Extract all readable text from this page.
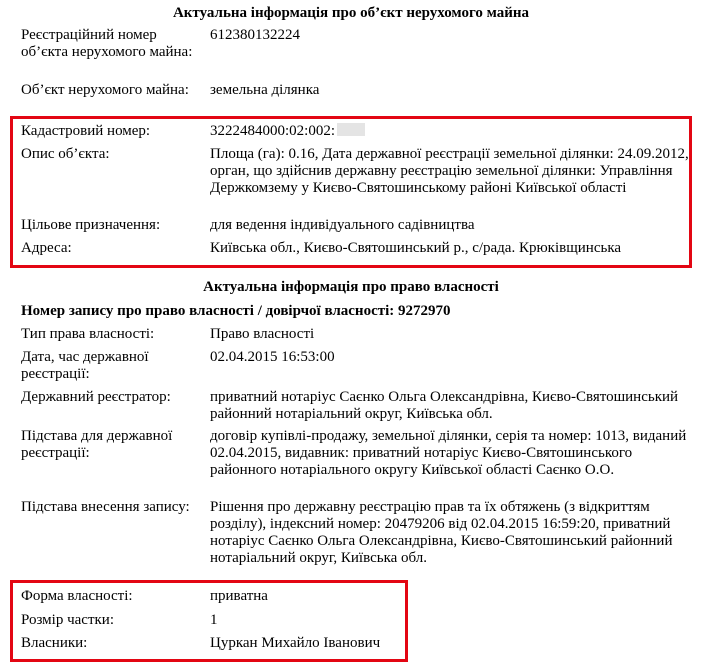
Актуальна інформація про об’єкт нерухомого майна
Реєстраційний номер об’єкта нерухомого майна:
612380132224
Об’єкт нерухомого майна:	земельна ділянка
Кадастровий номер:	3222484000:02:002:
Опис об’єкта:	Площа (га): 0.16, Дата державної реєстрації земельної ділянки: 24.09.2012, орган, що здійснив державну реєстрацію земельної ділянки: Управління Держкомзему у Києво-Святошинському районі Київської області
Цільове призначення:	для ведення індивідуального садівництва
Адреса:	Київська обл., Києво-Святошинський р., с/рада. Крюківщинська
Актуальна інформація про право власності
Номер запису про право власності / довірчої власності: 9272970
Тип права власності:	Право власності
Дата, час державної реєстрації:
02.04.2015 16:53:00
Державний реєстратор:	приватний нотаріус Саєнко Ольга Олександрівна, Києво-Святошинський районний нотаріальний округ, Київська обл.
Підстава для державної реєстрації:
договір купівлі-продажу, земельної ділянки, серія та номер: 1013, виданий 02.04.2015, видавник: приватний нотаріус Києво-Святошинського районного нотаріального округу Київської області Саєнко О.О.
Підстава внесення запису:	Рішення про державну реєстрацію прав та їх обтяжень (з відкриттям розділу), індексний номер: 20479206 від 02.04.2015 16:59:20, приватний нотаріус Саєнко Ольга Олександрівна, Києво-Святошинський районний нотаріальний округ, Київська обл.
Форма власності:	приватна
Розмір частки:	1
Власники:	Цуркан Михайло Іванович
